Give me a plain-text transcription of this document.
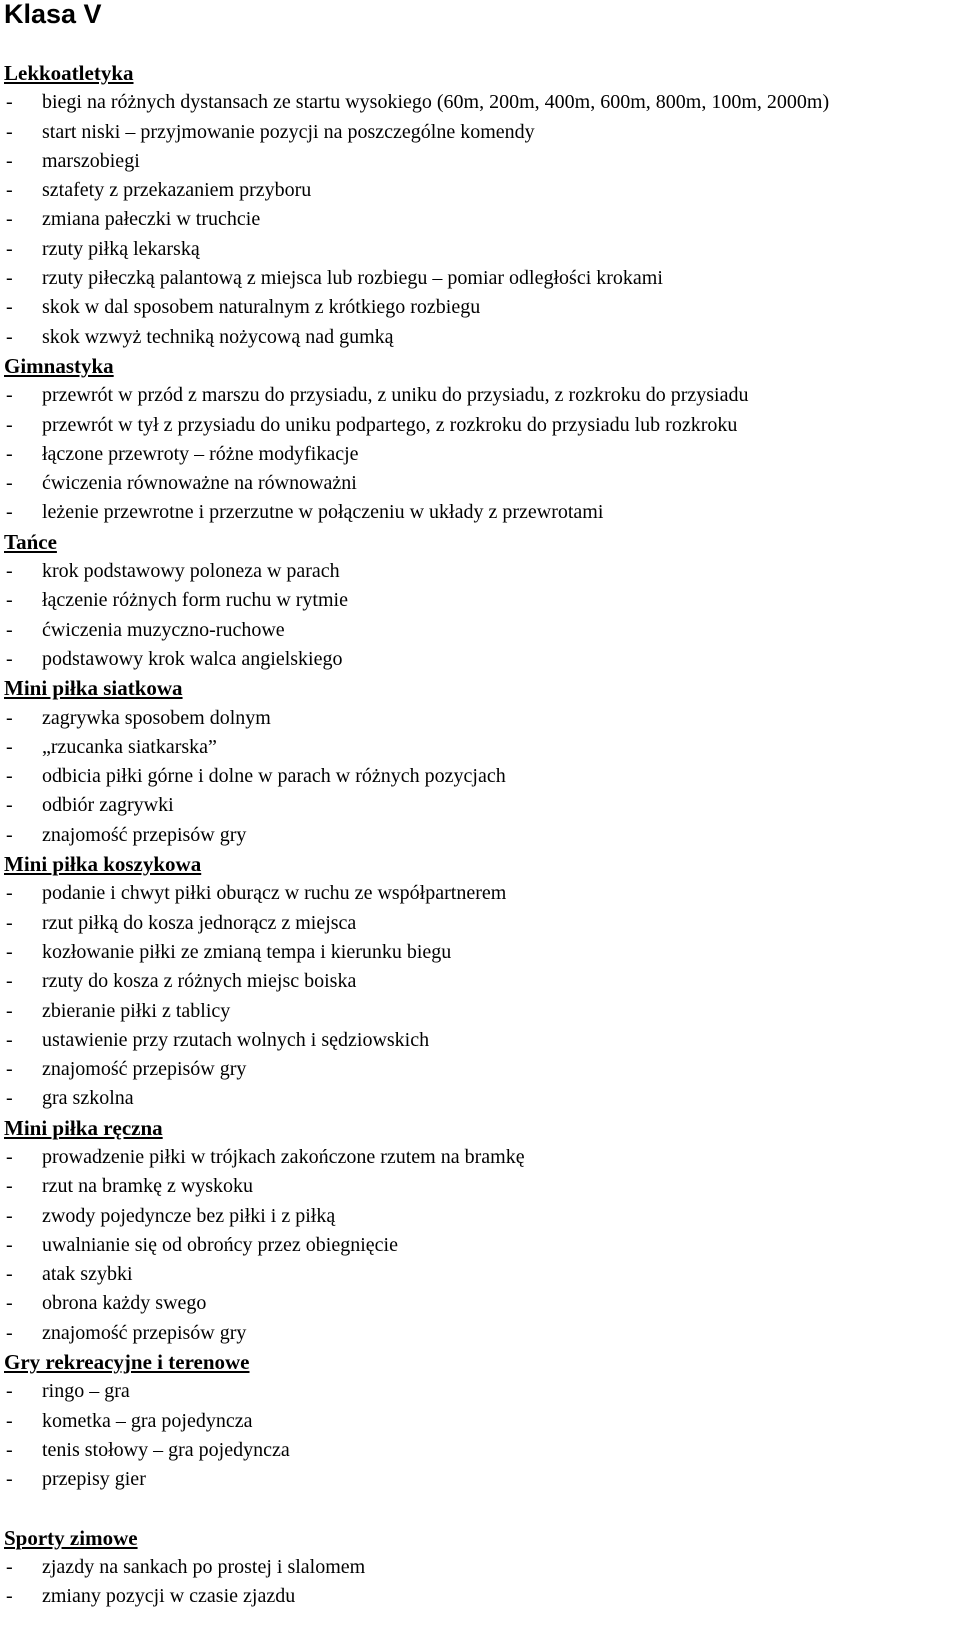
Klasa V
Lekkoatletyka
- biegi na różnych dystansach ze startu wysokiego (60m, 200m, 400m, 600m, 800m, 100m, 2000m)
- start niski – przyjmowanie pozycji na poszczególne komendy
- marszobiegi
- sztafety z przekazaniem przyboru
- zmiana pałeczki w truchcie
- rzuty piłką lekarską
- rzuty piłeczką palantową z miejsca lub rozbiegu – pomiar odległości krokami
- skok w dal sposobem naturalnym z krótkiego rozbiegu
- skok wzwyż techniką nożycową nad gumką
Gimnastyka
- przewrót w przód z marszu do przysiadu, z uniku do przysiadu, z rozkroku do przysiadu
- przewrót w tył z przysiadu do uniku podpartego, z rozkroku do przysiadu lub rozkroku
- łączone przewroty – różne modyfikacje
- ćwiczenia równoważne na równoważni
- leżenie przewrotne i przerzutne w połączeniu w układy z przewrotami
Tańce
- krok podstawowy poloneza w parach
- łączenie różnych form ruchu w rytmie
- ćwiczenia muzyczno-ruchowe
- podstawowy krok walca angielskiego
Mini piłka siatkowa
- zagrywka sposobem dolnym
- „rzucanka siatkarska”
- odbicia piłki górne i dolne w parach w różnych pozycjach
- odbiór zagrywki
- znajomość przepisów gry
Mini piłka koszykowa
- podanie i chwyt piłki oburącz w ruchu ze współpartnerem
- rzut piłką do kosza jednorącz z miejsca
- kozłowanie piłki ze zmianą tempa i kierunku biegu
- rzuty do kosza z różnych miejsc boiska
- zbieranie piłki z tablicy
- ustawienie przy rzutach wolnych i sędziowskich
- znajomość przepisów gry
- gra szkolna
Mini piłka ręczna
- prowadzenie piłki w trójkach zakończone rzutem na bramkę
- rzut na bramkę z wyskoku
- zwody pojedyncze bez piłki i z piłką
- uwalnianie się od obrońcy przez obiegnięcie
- atak szybki
- obrona każdy swego
- znajomość przepisów gry
Gry rekreacyjne i terenowe
- ringo – gra
- kometka – gra pojedyncza
- tenis stołowy – gra pojedyncza
- przepisy gier
Sporty zimowe
- zjazdy na sankach po prostej i slalomem
- zmiany pozycji w czasie zjazdu
